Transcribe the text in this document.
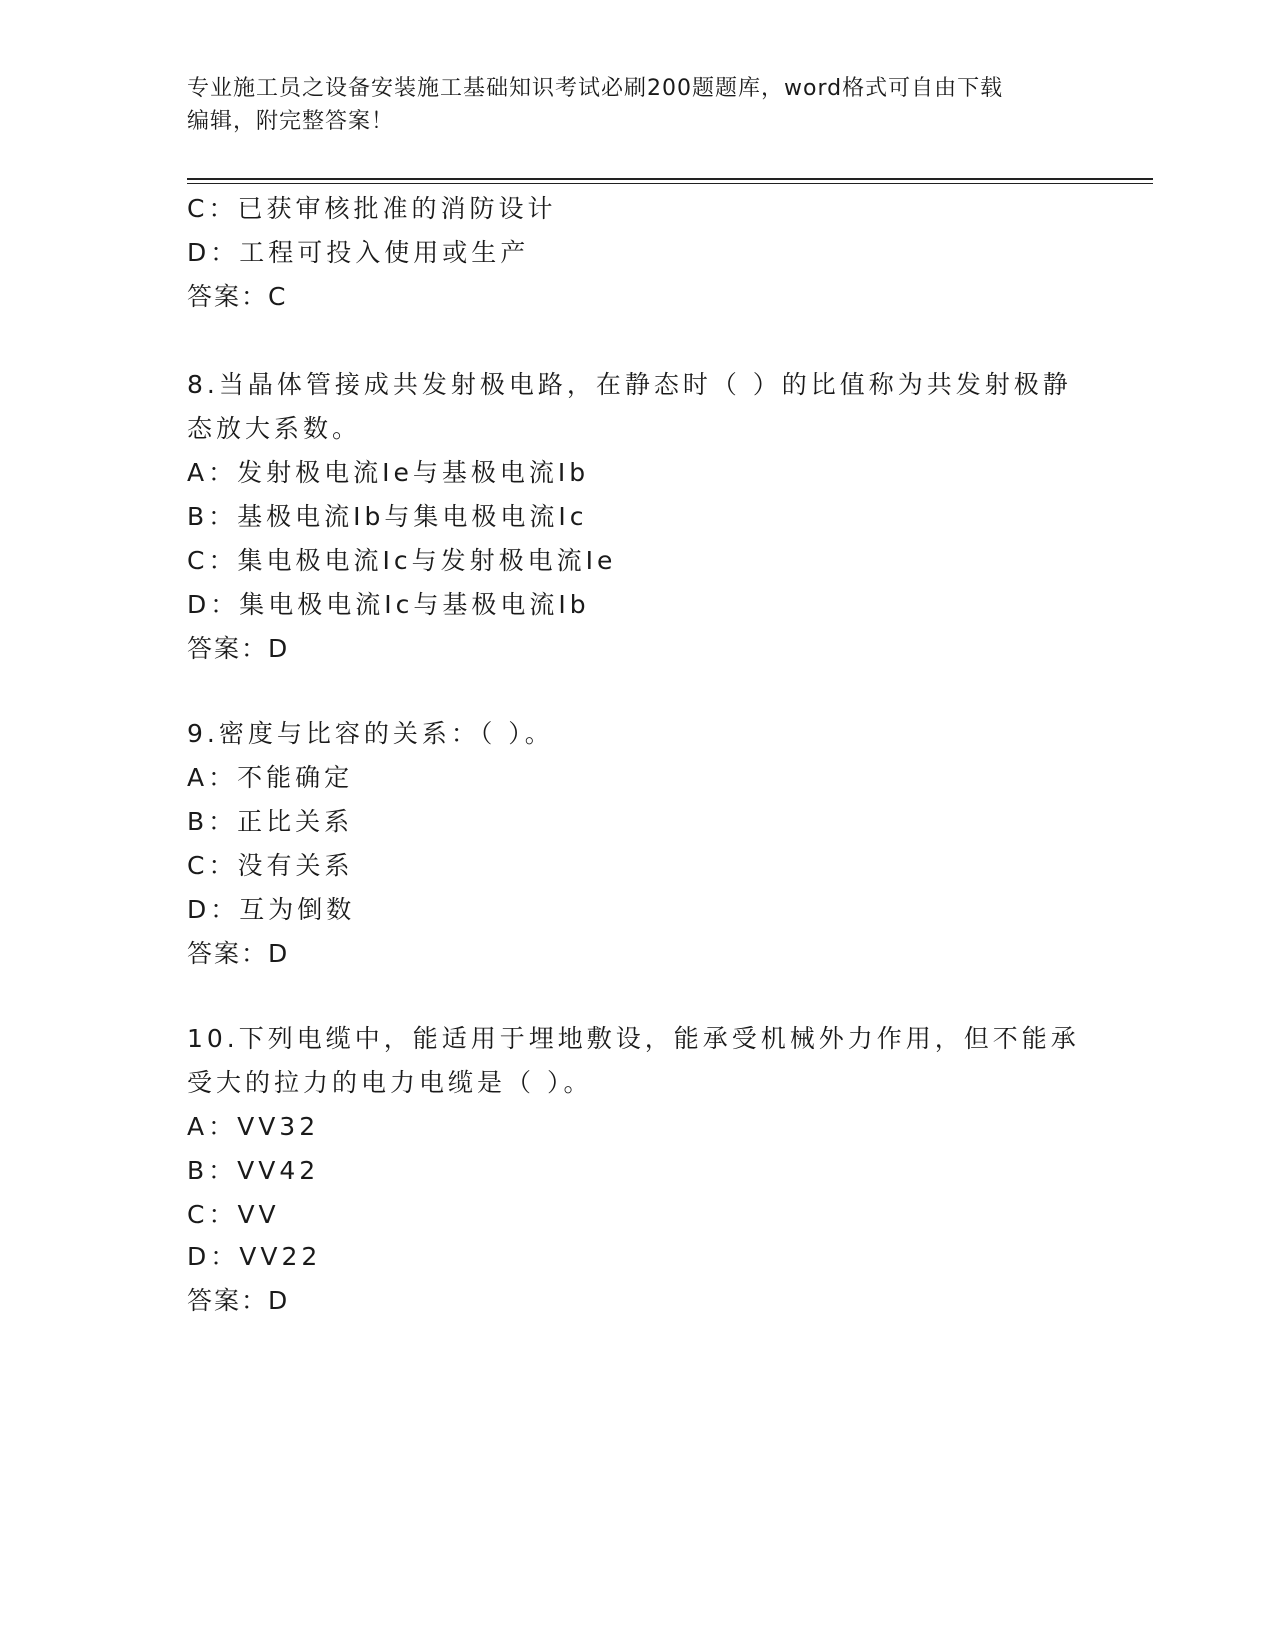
专业施工员之设备安装施工基础知识考试必刷200题题库，word格式可自由下载
编辑，附完整答案！
C：已获审核批准的消防设计
D：工程可投入使用或生产
答案：C
8.当晶体管接成共发射极电路，在静态时（ ）的比值称为共发射极静
态放大系数。
A：发射极电流Ie与基极电流Ib
B：基极电流Ib与集电极电流Ic
C：集电极电流Ic与发射极电流Ie
D：集电极电流Ic与基极电流Ib
答案：D
9.密度与比容的关系：（ ）。
A：不能确定
B：正比关系
C：没有关系
D：互为倒数
答案：D
10.下列电缆中，能适用于埋地敷设，能承受机械外力作用，但不能承
受大的拉力的电力电缆是（ ）。
A：VV32
B：VV42
C：VV
D：VV22
答案：D
